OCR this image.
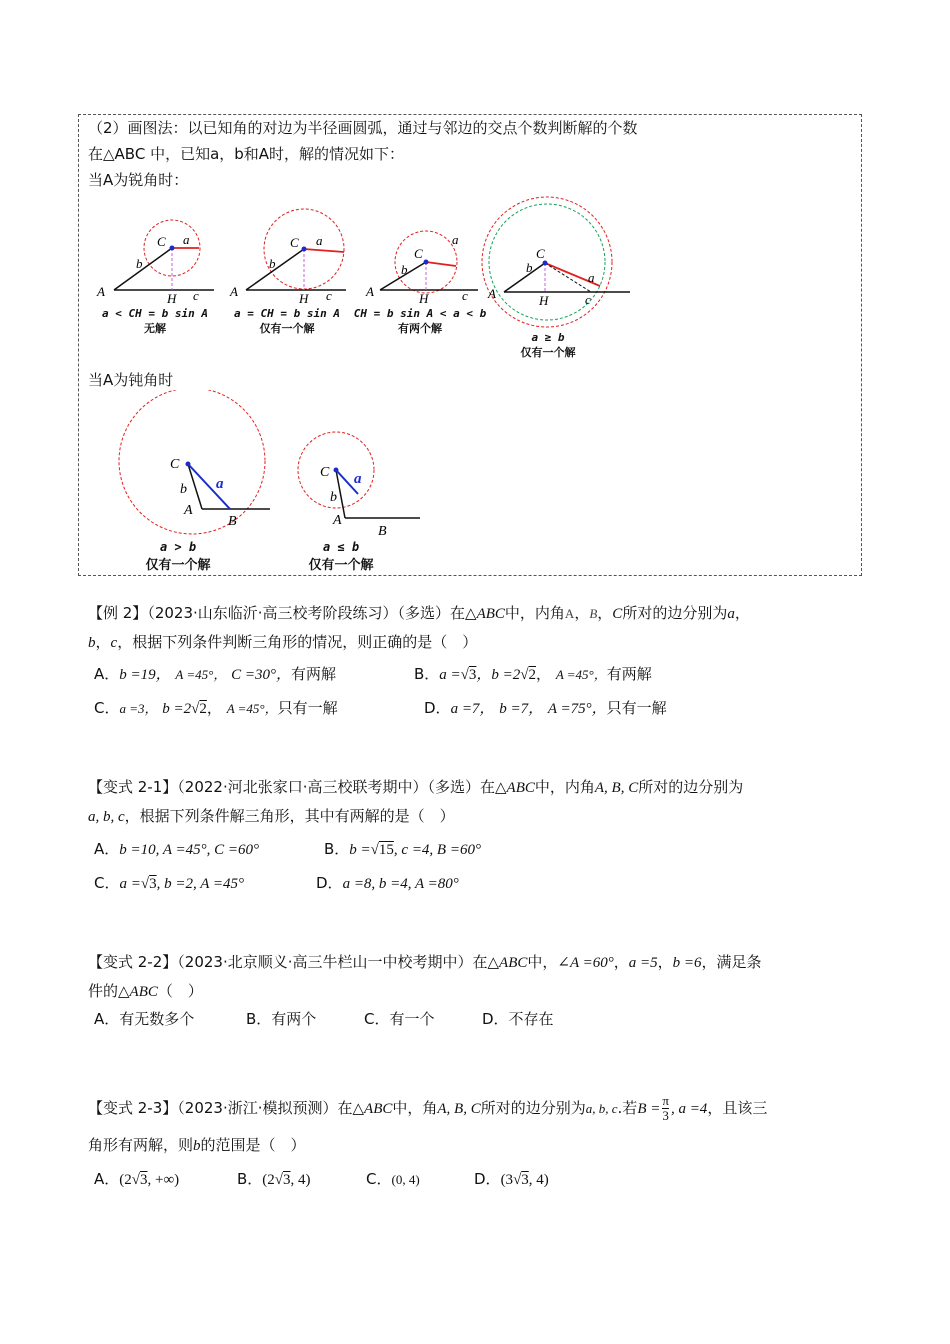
（2）画图法：以已知角的对边为半径画圆弧，通过与邻边的交点个数判断解的个数
在△ABC 中，已知a，b和A时，解的情况如下：
当A为锐角时：
A
C
b
a
H c A
C
b
a
H c	A
C
b
a
H	c A
C
b
a
H	c
a < CH = b sin A
无解
a = CH = b sin A
仅有一个解
CH = b sin A < a < b
有两个解
a ≥ b
仅有一个解
当A为钝角时
C
b a
A
B
C
b
a
A
B
a > b
仅有一个解
a ≤ b
仅有一个解
【例 2】（2023·山东临沂·高三校考阶段练习）（多选）在△ABC中，内角A，B，C所对的边分别为a，
b，c，根据下列条件判断三角形的情况，则正确的是（　）
A．b =19， A =45°， C =30°，有两解	B．a =√3，b =2√2， A =45°，有两解
C．a =3， b =2√2， A =45°，只有一解	D．a =7， b =7， A =75°，只有一解
【变式 2-1】（2022·河北张家口·高三校联考期中）（多选）在△ABC中，内角A, B, C所对的边分别为
a, b, c，根据下列条件解三角形，其中有两解的是（　）
A．b =10, A =45°, C =60°	B．b =√15, c =4, B =60°
C．a =√3, b =2, A =45°	D．a =8, b =4, A =80°
【变式 2-2】（2023·北京顺义·高三牛栏山一中校考期中）在△ABC中，∠A =60°，a =5，b =6，满足条
件的△ABC（　）
A．有无数多个	B．有两个	C．有一个	D．不存在
【变式 2-3】（2023·浙江·模拟预测）在△ABC中，角A, B, C所对的边分别为a, b, c.若$B = \frac{\pi}{3}$ , a =4，且该三
角形有两解，则b的范围是（　）
A．(2√3, +∞)	B．(2√3, 4)	C．(0, 4)	D．(3√3, 4)
